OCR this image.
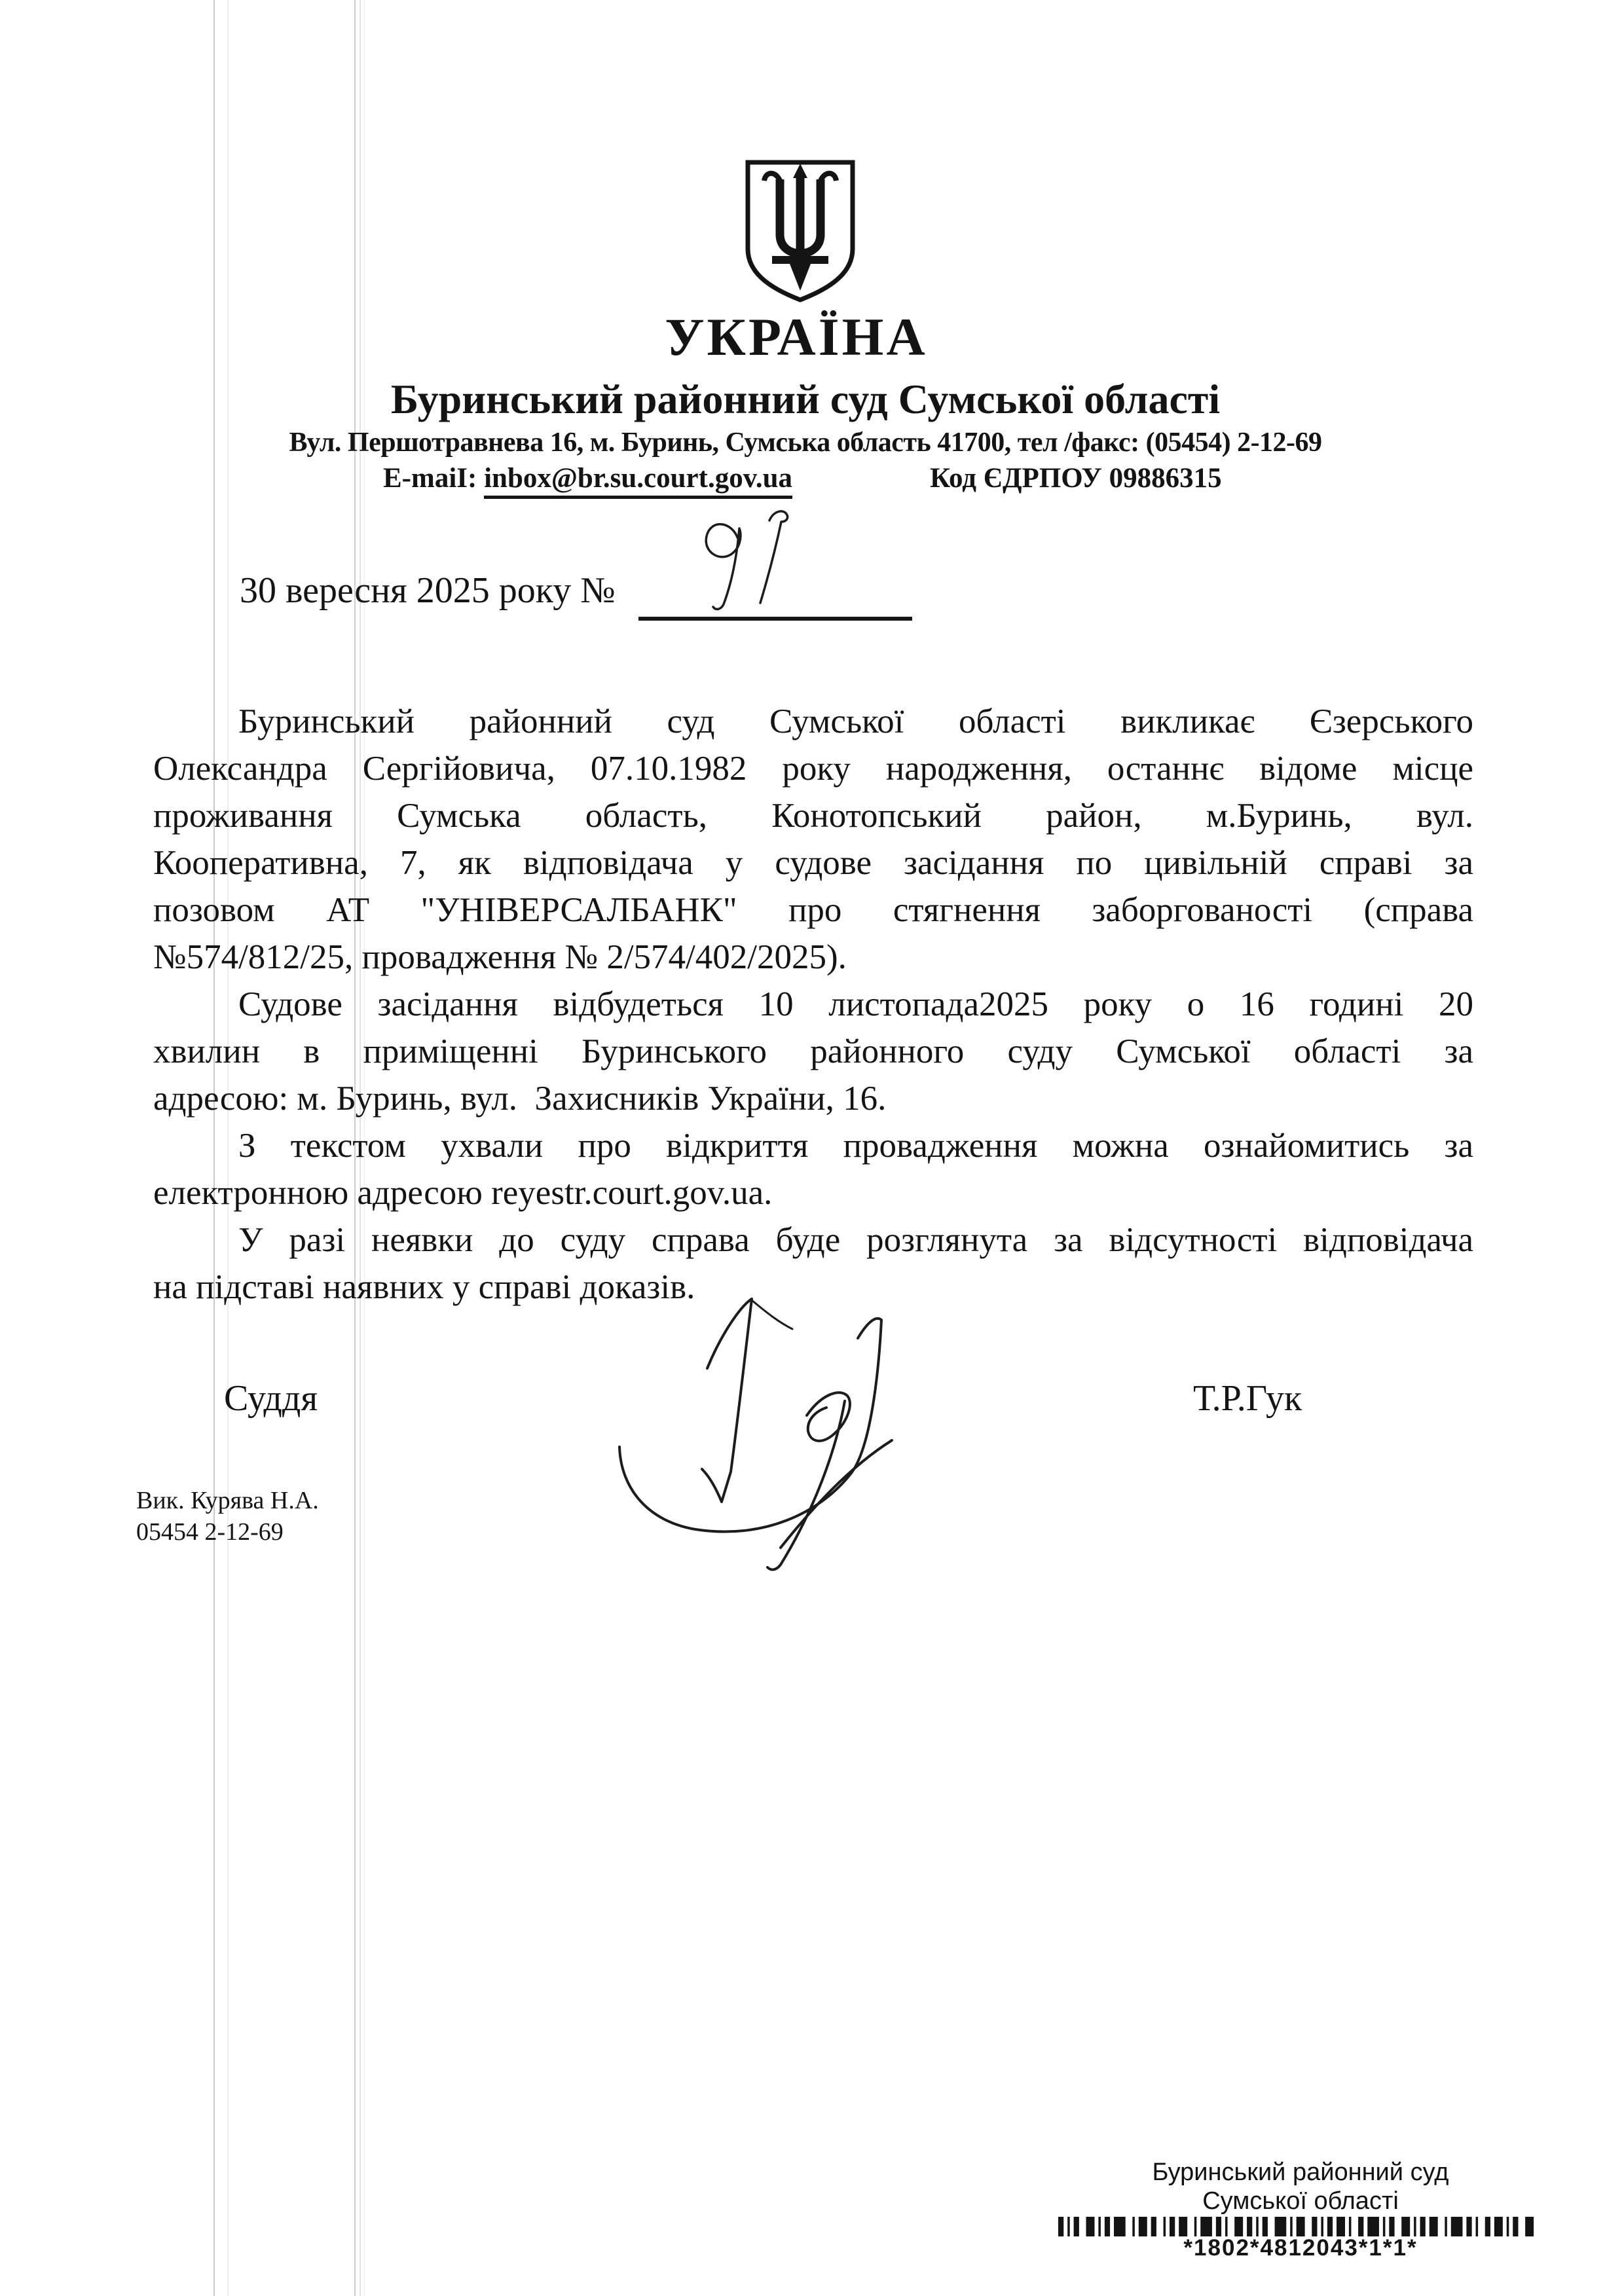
УКРАЇНА
Буринський районний суд Сумської області
Вул. Першотравнева 16, м. Буринь, Сумська область 41700, тел /факс: (05454) 2-12-69
E-maiI: inbox@br.su.court.gov.ua	Код ЄДРПОУ 09886315
30 вересня 2025 року №
Буринський районний суд Сумської області викликає Єзерського
Олександра Сергійовича, 07.10.1982 року народження, останнє відоме місце
проживання Сумська область, Конотопський район, м.Буринь, вул.
Кооперативна, 7, як відповідача у судове засідання по цивільній справі за
позовом АТ "УНІВЕРСАЛБАНК" про стягнення заборгованості (справа
№574/812/25, провадження № 2/574/402/2025).
Судове засідання відбудеться 10 листопада2025 року о 16 годині 20
хвилин в приміщенні Буринського районного суду Сумської області за
адресою: м. Буринь, вул.  Захисників України, 16.
З текстом ухвали про відкриття провадження можна ознайомитись за
електронною адресою reyestr.court.gov.ua.
У разі неявки до суду справа буде розглянута за відсутності відповідача
на підставі наявних у справі доказів.
Суддя	Т.Р.Гук
Вик. Курява Н.А.
05454 2-12-69
Буринський районний суд
Сумської області
*1802*4812043*1*1*
